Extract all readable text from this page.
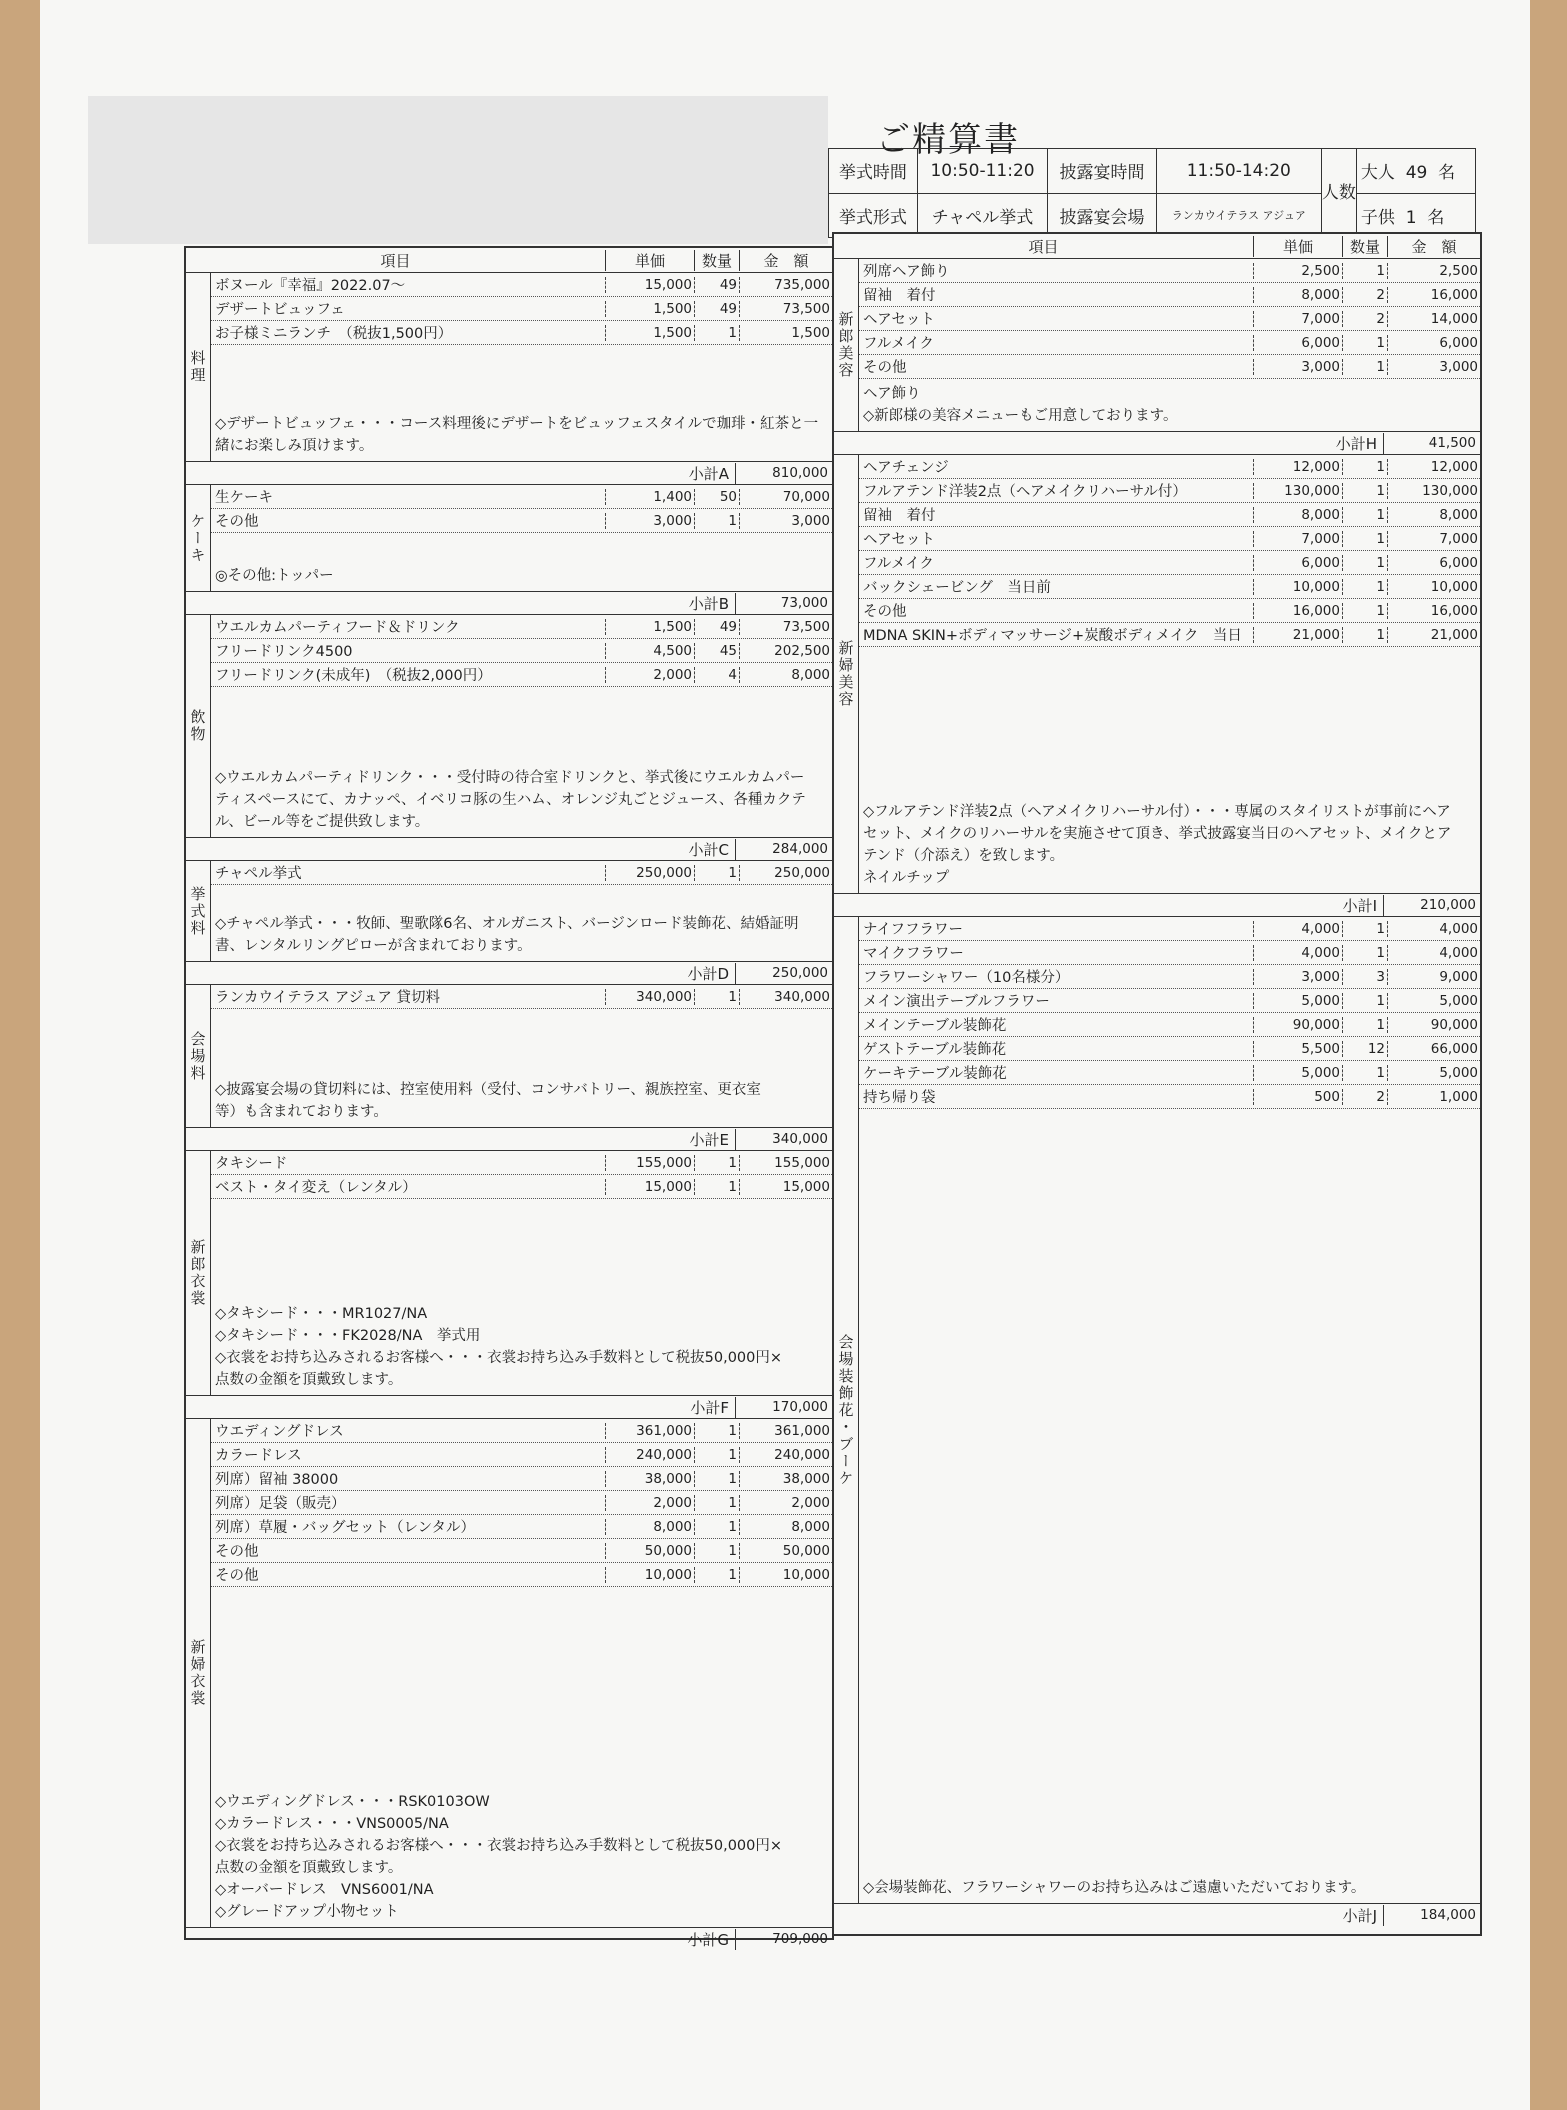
ご精算書
挙式時間	10:50-11:20	披露宴時間	11:50-14:20	人数	大人 49 名
挙式形式	チャペル挙式	披露宴会場	ランカウイテラス アジュア		子供 1 名
項目	単価	数量	金　額
料理
ボヌール『幸福』2022.07～	15,000	49	735,000
デザートビュッフェ	1,500	49	73,500
お子様ミニランチ　（税抜1,500円）	1,500	1	1,500
◇デザートビュッフェ・・・コース料理後にデザートをビュッフェスタイルで珈琲・紅茶と一
緒にお楽しみ頂けます。
小計A	810,000
ケーキ
生ケーキ	1,400	50	70,000
その他	3,000	1	3,000
◎その他:トッパー
小計B	73,000
飲物
ウエルカムパーティフード＆ドリンク	1,500	49	73,500
フリードリンク4500	4,500	45	202,500
フリードリンク(未成年)　（税抜2,000円）	2,000	4	8,000
◇ウエルカムパーティドリンク・・・受付時の待合室ドリンクと、挙式後にウエルカムパー
ティスペースにて、カナッペ、イベリコ豚の生ハム、オレンジ丸ごとジュース、各種カクテ
ル、ビール等をご提供致します。
小計C	284,000
挙式料
チャペル挙式	250,000	1	250,000
◇チャペル挙式・・・牧師、聖歌隊6名、オルガニスト、バージンロード装飾花、結婚証明
書、レンタルリングピローが含まれております。
小計D	250,000
会場料
ランカウイテラス アジュア 貸切料	340,000	1	340,000
◇披露宴会場の貸切料には、控室使用料（受付、コンサバトリー、親族控室、更衣室
等）も含まれております。
小計E	340,000
新郎衣裳
タキシード	155,000	1	155,000
ベスト・タイ変え（レンタル）	15,000	1	15,000
◇タキシード・・・MR1027/NA
◇タキシード・・・FK2028/NA　挙式用
◇衣裳をお持ち込みされるお客様へ・・・衣裳お持ち込み手数料として税抜50,000円×
点数の金額を頂戴致します。
小計F	170,000
新婦衣裳
ウエディングドレス	361,000	1	361,000
カラードレス	240,000	1	240,000
列席）留袖 38000	38,000	1	38,000
列席）足袋（販売）	2,000	1	2,000
列席）草履・バッグセット（レンタル）	8,000	1	8,000
その他	50,000	1	50,000
その他	10,000	1	10,000
◇ウエディングドレス・・・RSK0103OW
◇カラードレス・・・VNS0005/NA
◇衣裳をお持ち込みされるお客様へ・・・衣裳お持ち込み手数料として税抜50,000円×
点数の金額を頂戴致します。
◇オーバードレス　VNS6001/NA
◇グレードアップ小物セット
小計G	709,000
項目	単価	数量	金　額
新郎美容
列席ヘア飾り	2,500	1	2,500
留袖　着付	8,000	2	16,000
ヘアセット	7,000	2	14,000
フルメイク	6,000	1	6,000
その他	3,000	1	3,000
ヘア飾り
◇新郎様の美容メニューもご用意しております。
小計H	41,500
新婦美容
ヘアチェンジ	12,000	1	12,000
フルアテンド洋装2点（ヘアメイクリハーサル付）	130,000	1	130,000
留袖　着付	8,000	1	8,000
ヘアセット	7,000	1	7,000
フルメイク	6,000	1	6,000
バックシェービング　当日前	10,000	1	10,000
その他	16,000	1	16,000
MDNA SKIN+ボディマッサージ+炭酸ボディメイク　当日	21,000	1	21,000
◇フルアテンド洋装2点（ヘアメイクリハーサル付）・・・専属のスタイリストが事前にヘア
セット、メイクのリハーサルを実施させて頂き、挙式披露宴当日のヘアセット、メイクとア
テンド（介添え）を致します。
ネイルチップ
小計I	210,000
会場装飾花・ブーケ
ナイフフラワー	4,000	1	4,000
マイクフラワー	4,000	1	4,000
フラワーシャワー（10名様分）	3,000	3	9,000
メイン演出テーブルフラワー	5,000	1	5,000
メインテーブル装飾花	90,000	1	90,000
ゲストテーブル装飾花	5,500	12	66,000
ケーキテーブル装飾花	5,000	1	5,000
持ち帰り袋	500	2	1,000
◇会場装飾花、フラワーシャワーのお持ち込みはご遠慮いただいております。
小計J	184,000
